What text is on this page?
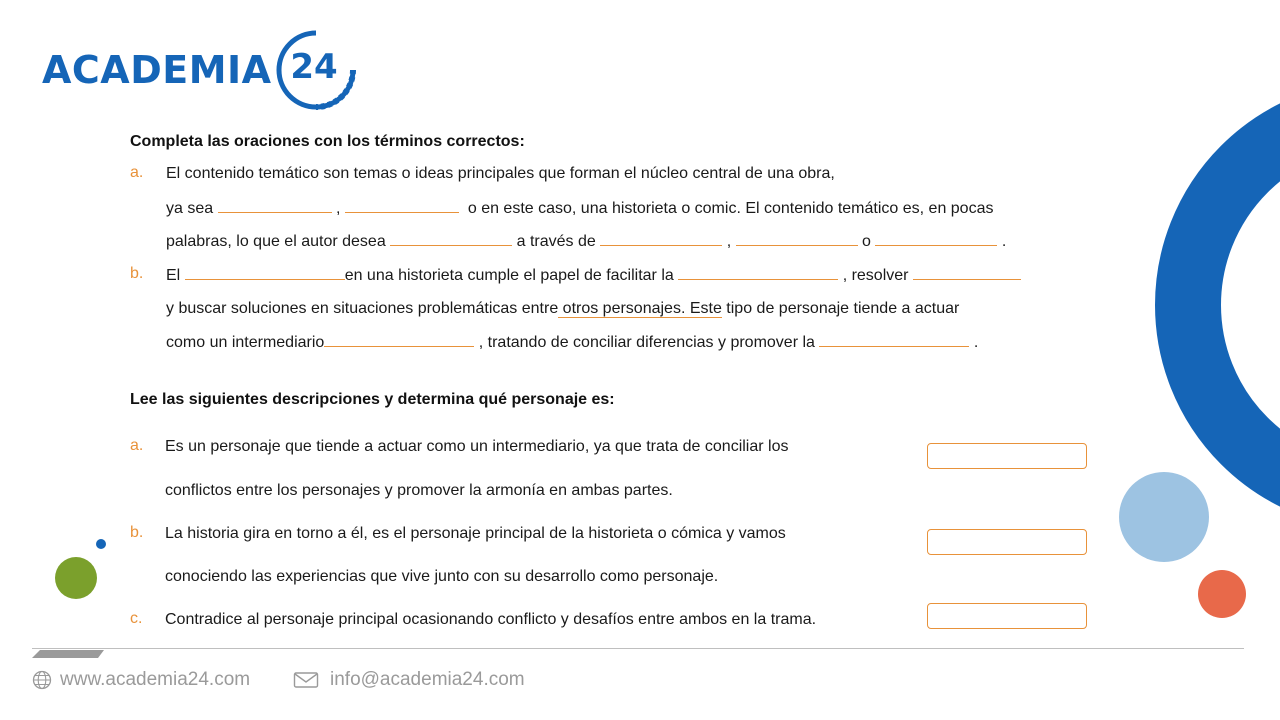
ACADEMIA 24
Completa las oraciones con los términos correctos:
a. El contenido temático son temas o ideas principales que forman el núcleo central de una obra,
ya sea	,	o en este caso, una historieta o comic. El contenido temático es, en pocas
palabras, lo que el autor desea	a través de	,	o	.
b. El	en una historieta cumple el papel de facilitar la	, resolver
y buscar soluciones en situaciones problemáticas entre otros personajes. Este tipo de personaje tiende a actuar
como un intermediario	, tratando de conciliar diferencias y promover la	.
Lee las siguientes descripciones y determina qué personaje es:
a. Es un personaje que tiende a actuar como un intermediario, ya que trata de conciliar los
conflictos entre los personajes y promover la armonía en ambas partes.
b. La historia gira en torno a él, es el personaje principal de la historieta o cómica y vamos
conociendo las experiencias que vive junto con su desarrollo como personaje.
c. Contradice al personaje principal ocasionando conflicto y desafíos entre ambos en la trama.
www.academia24.com	info@academia24.com
